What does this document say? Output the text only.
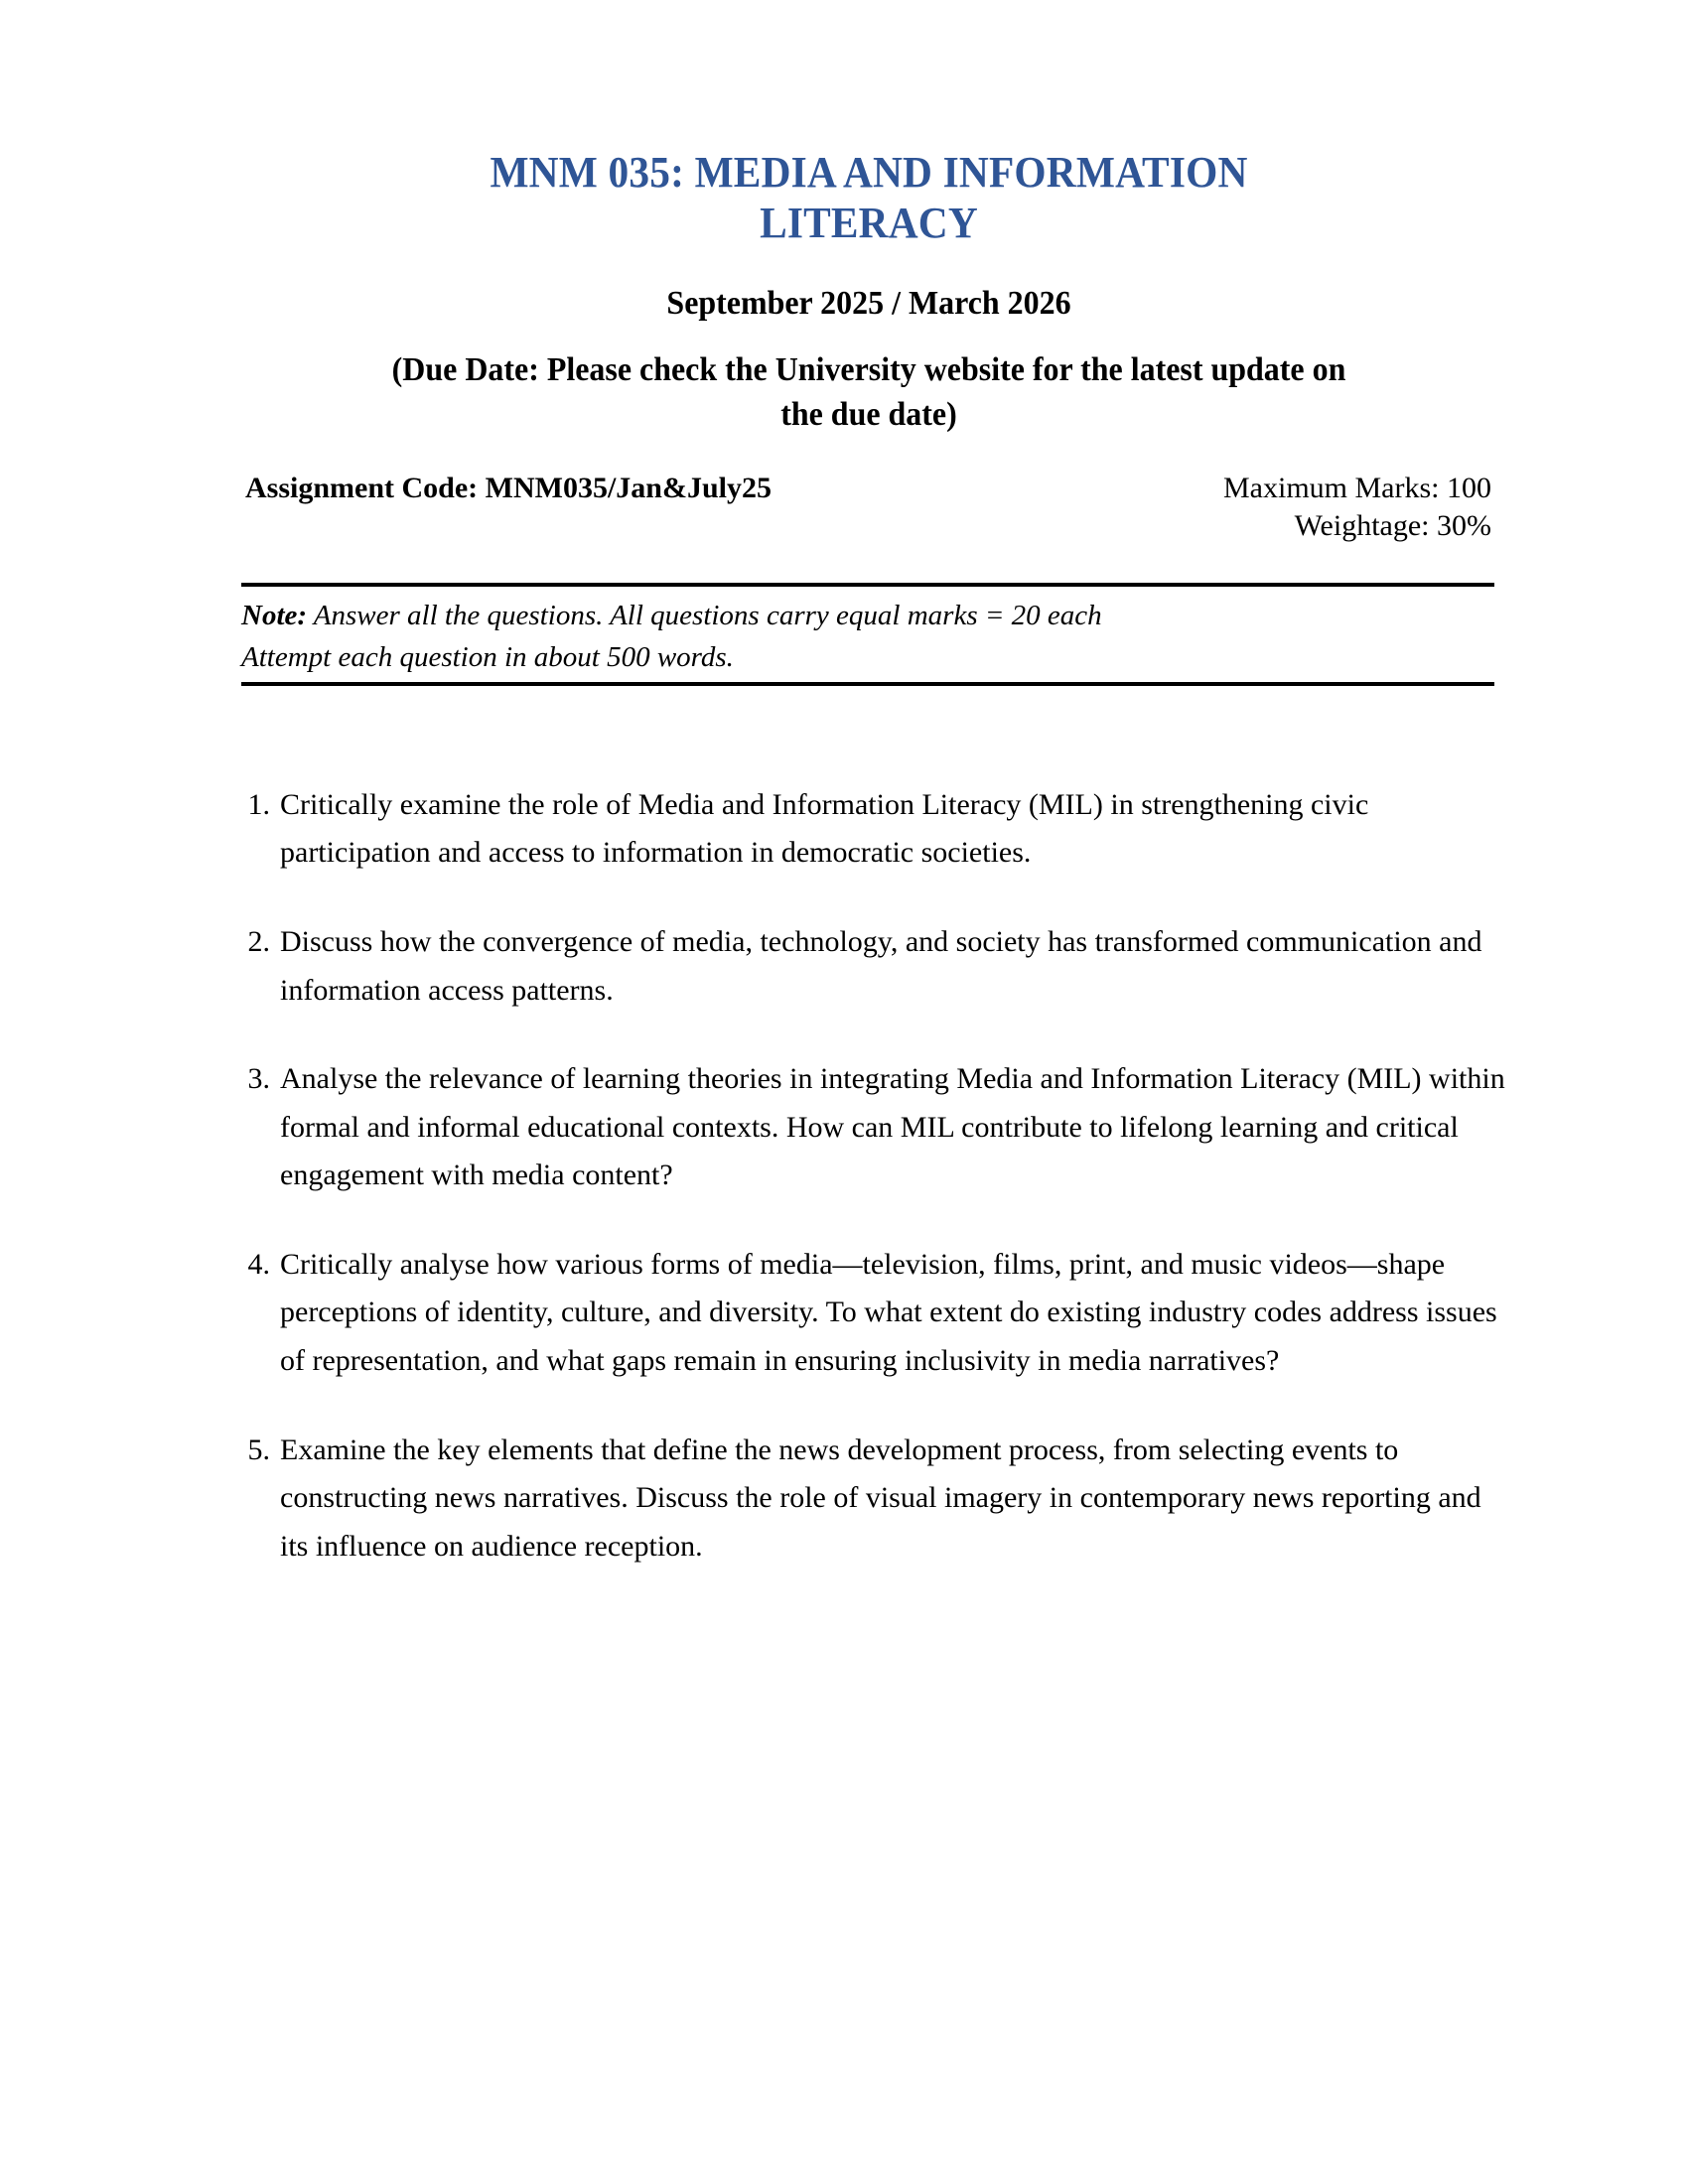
MNM 035: MEDIA AND INFORMATION
LITERACY
September 2025 / March 2026
(Due Date: Please check the University website for the latest update on
the due date)
Assignment Code: MNM035/Jan&July25	Maximum Marks: 100
Weightage: 30%
Note: Answer all the questions. All questions carry equal marks = 20 each
Attempt each question in about 500 words.
1. Critically examine the role of Media and Information Literacy (MIL) in strengthening civic participation and access to information in democratic societies.
2. Discuss how the convergence of media, technology, and society has transformed communication and information access patterns.
3. Analyse the relevance of learning theories in integrating Media and Information Literacy (MIL) within formal and informal educational contexts. How can MIL contribute to lifelong learning and critical engagement with media content?
4. Critically analyse how various forms of media—television, films, print, and music videos—shape perceptions of identity, culture, and diversity. To what extent do existing industry codes address issues of representation, and what gaps remain in ensuring inclusivity in media narratives?
5. Examine the key elements that define the news development process, from selecting events to constructing news narratives. Discuss the role of visual imagery in contemporary news reporting and its influence on audience reception.
